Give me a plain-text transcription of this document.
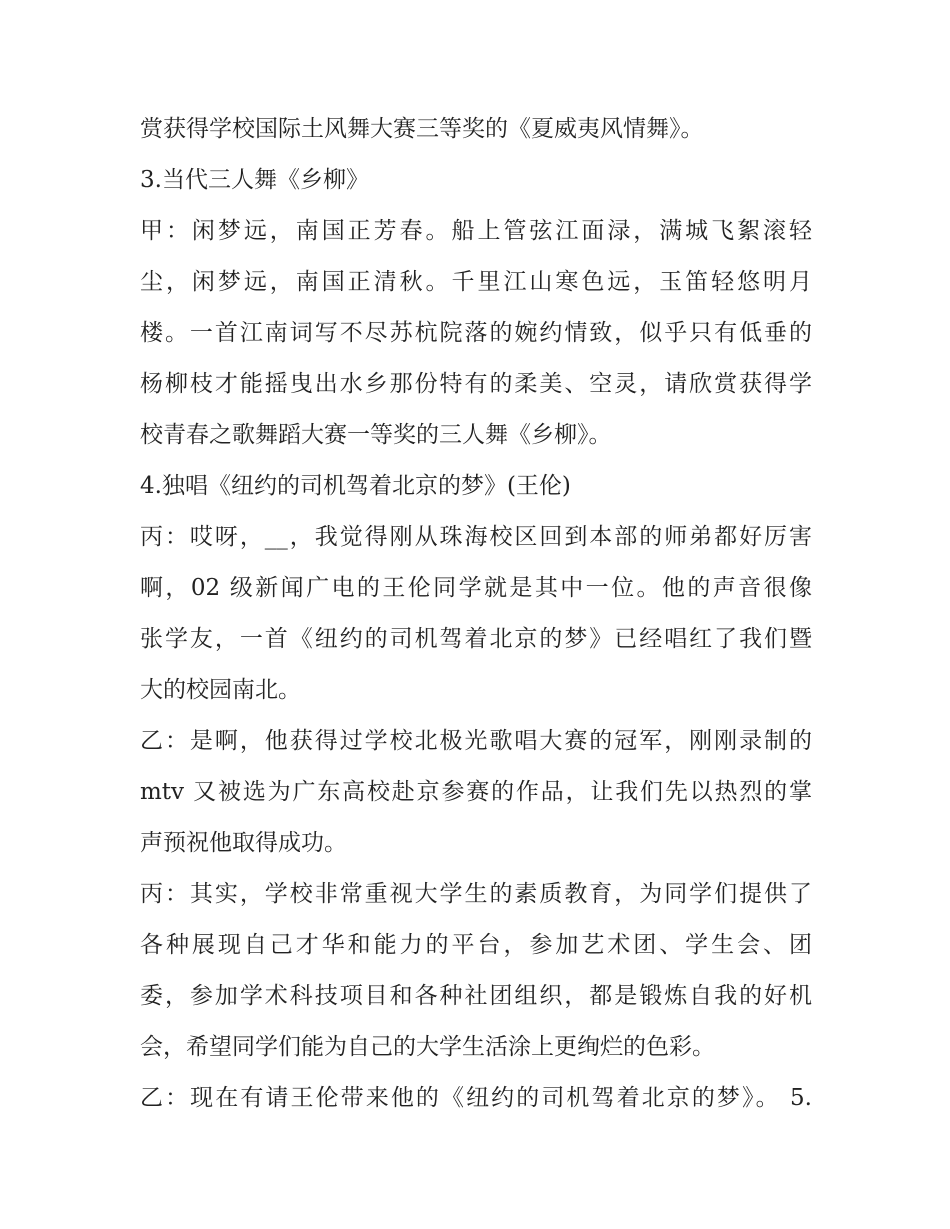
赏获得学校国际土风舞大赛三等奖的《夏威夷风情舞》。
3.当代三人舞《乡柳》
甲：闲梦远，南国正芳春。船上管弦江面渌，满城飞絮滚轻
尘，闲梦远，南国正清秋。千里江山寒色远，玉笛轻悠明月
楼。一首江南词写不尽苏杭院落的婉约情致，似乎只有低垂的
杨柳枝才能摇曳出水乡那份特有的柔美、空灵，请欣赏获得学
校青春之歌舞蹈大赛一等奖的三人舞《乡柳》。
4.独唱《纽约的司机驾着北京的梦》(王伦)
丙：哎呀，__，我觉得刚从珠海校区回到本部的师弟都好厉害
啊，02 级新闻广电的王伦同学就是其中一位。他的声音很像
张学友，一首《纽约的司机驾着北京的梦》已经唱红了我们暨
大的校园南北。
乙：是啊，他获得过学校北极光歌唱大赛的冠军，刚刚录制的
mtv 又被选为广东高校赴京参赛的作品，让我们先以热烈的掌
声预祝他取得成功。
丙：其实，学校非常重视大学生的素质教育，为同学们提供了
各种展现自己才华和能力的平台，参加艺术团、学生会、团
委，参加学术科技项目和各种社团组织，都是锻炼自我的好机
会，希望同学们能为自己的大学生活涂上更绚烂的色彩。
乙：现在有请王伦带来他的《纽约的司机驾着北京的梦》。 5.
